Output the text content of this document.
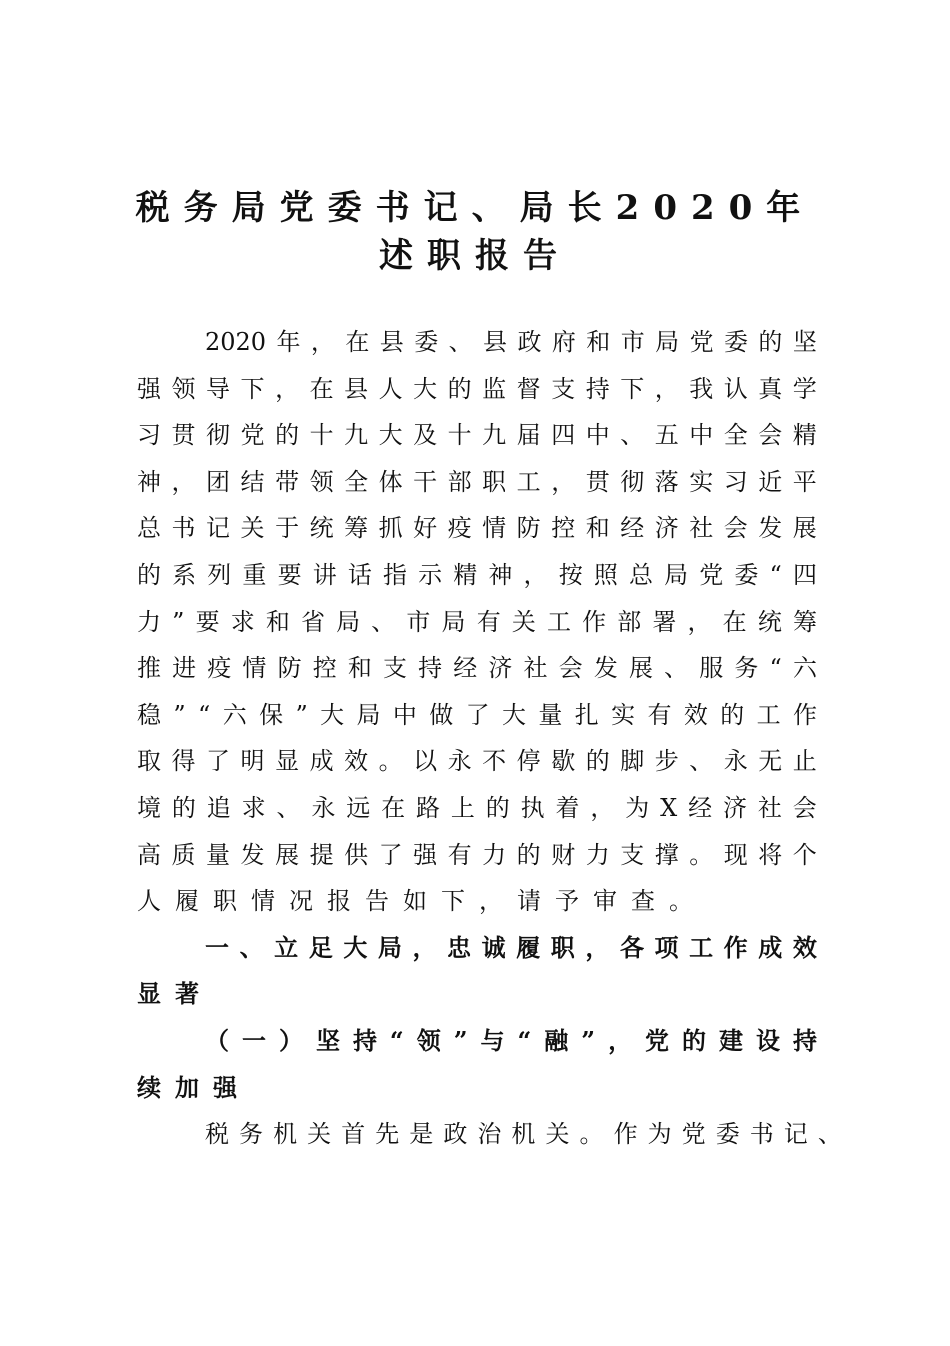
税务局党委书记、局长2020年
述职报告
2020 年 ， 在 县 委 、 县 政 府 和 市 局 党 委 的 坚
强 领 导 下 ， 在 县 人 大 的 监 督 支 持 下 ， 我 认 真 学
习 贯 彻 党 的 十 九 大 及 十 九 届 四 中 、 五 中 全 会 精
神 ， 团 结 带 领 全 体 干 部 职 工 ， 贯 彻 落 实 习 近 平
总 书 记 关 于 统 筹 抓 好 疫 情 防 控 和 经 济 社 会 发 展
的 系 列 重 要 讲 话 指 示 精 神 ， 按 照 总 局 党 委 “ 四
力 ” 要 求 和 省 局 、 市 局 有 关 工 作 部 署 ， 在 统 筹
推 进 疫 情 防 控 和 支 持 经 济 社 会 发 展 、 服 务 “ 六
稳 ” “ 六 保 ” 大 局 中 做 了 大 量 扎 实 有 效 的 工 作
取 得 了 明 显 成 效 。 以 永 不 停 歇 的 脚 步 、 永 无 止
境 的 追 求 、 永 远 在 路 上 的 执 着 ， 为 X 经 济 社 会
高 质 量 发 展 提 供 了 强 有 力 的 财 力 支 撑 。 现 将 个
人 履 职 情 况 报 告 如 下 ， 请 予 审 查 。
一 、 立 足 大 局 ， 忠 诚 履 职 ， 各 项 工 作 成 效
显 著
（ 一 ） 坚 持 “ 领 ” 与 “ 融 ” ， 党 的 建 设 持
续 加 强
税 务 机 关 首 先 是 政 治 机 关 。 作 为 党 委 书 记 、
